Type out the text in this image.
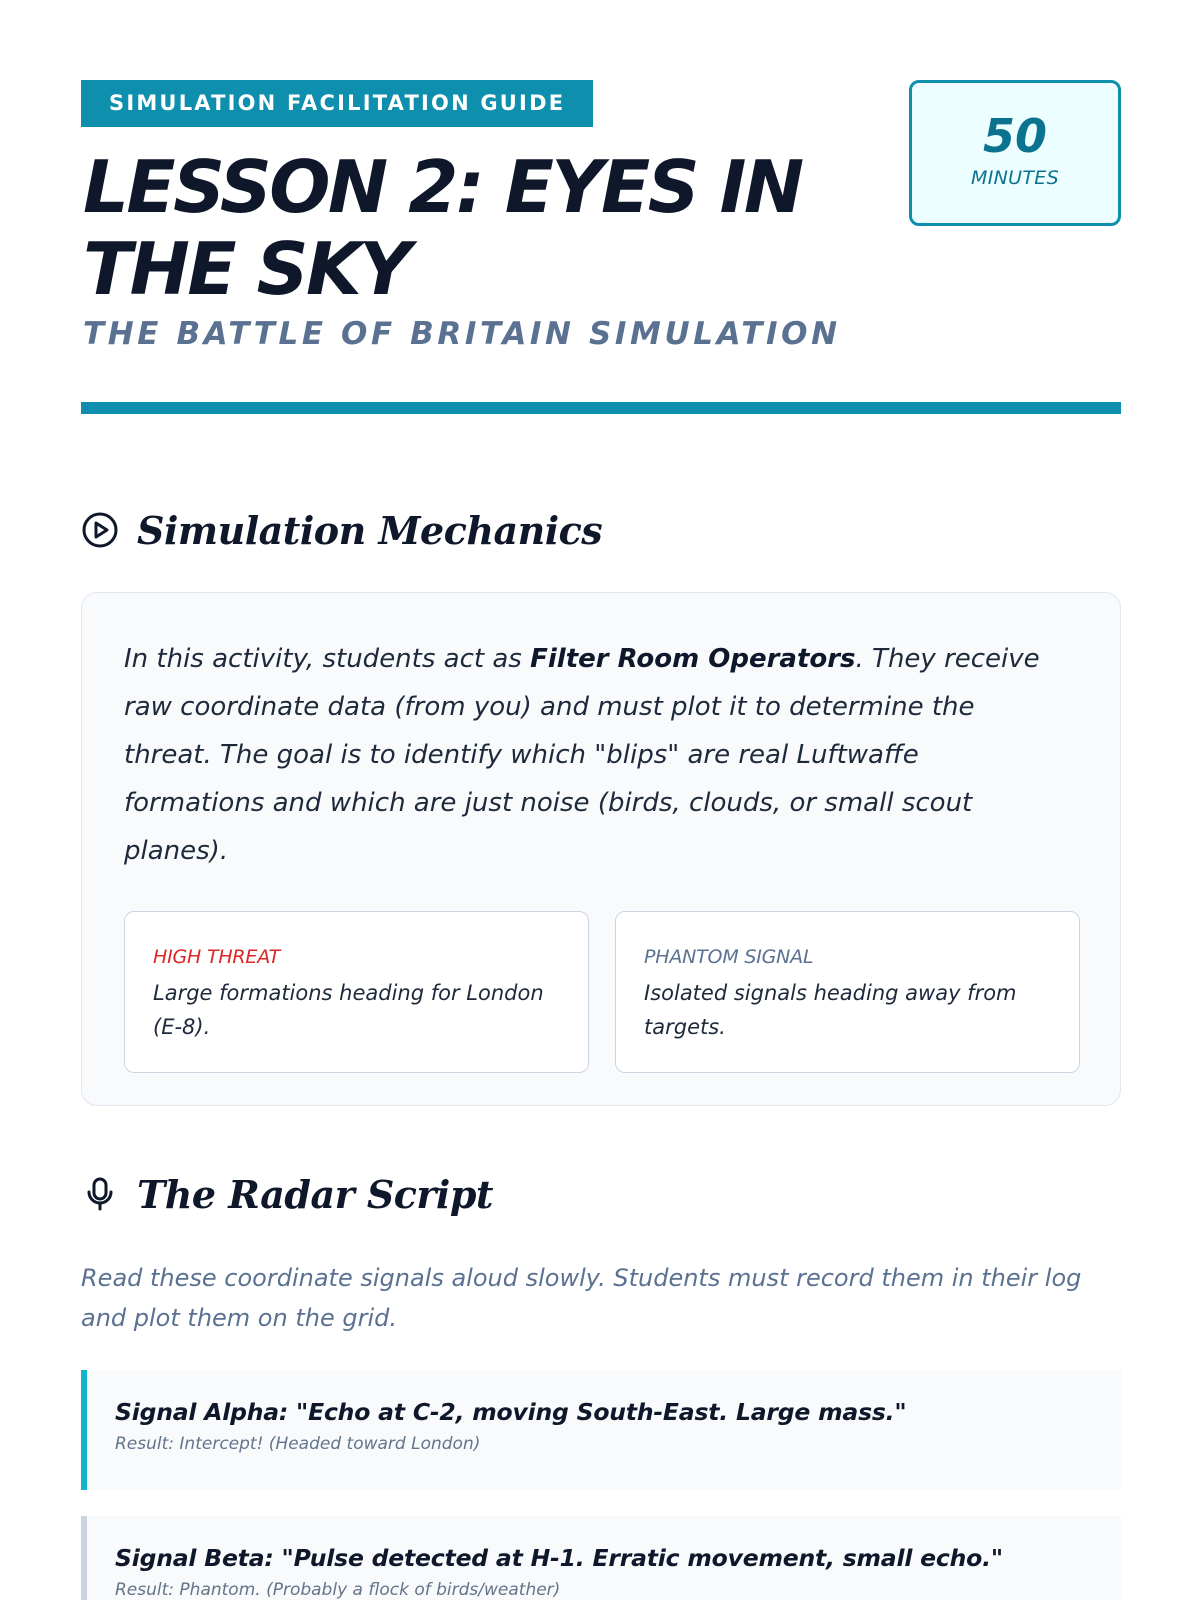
SIMULATION FACILITATION GUIDE
LESSON 2: EYES IN THE SKY
THE BATTLE OF BRITAIN SIMULATION
50
MINUTES
Simulation Mechanics

In this activity, students act as Filter Room Operators. They receive raw coordinate data (from you) and must plot it to determine the threat. The goal is to identify which "blips" are real Luftwaffe formations and which are just noise (birds, clouds, or small scout planes).

HIGH THREAT
Large formations heading for London (E-8).
PHANTOM SIGNAL
Isolated signals heading away from targets.
The Radar Script

Read these coordinate signals aloud slowly. Students must record them in their log and plot them on the grid.

Signal Alpha: "Echo at C-2, moving South-East. Large mass."
Result: Intercept! (Headed toward London)
Signal Beta: "Pulse detected at H-1. Erratic movement, small echo."
Result: Phantom. (Probably a flock of birds/weather)
